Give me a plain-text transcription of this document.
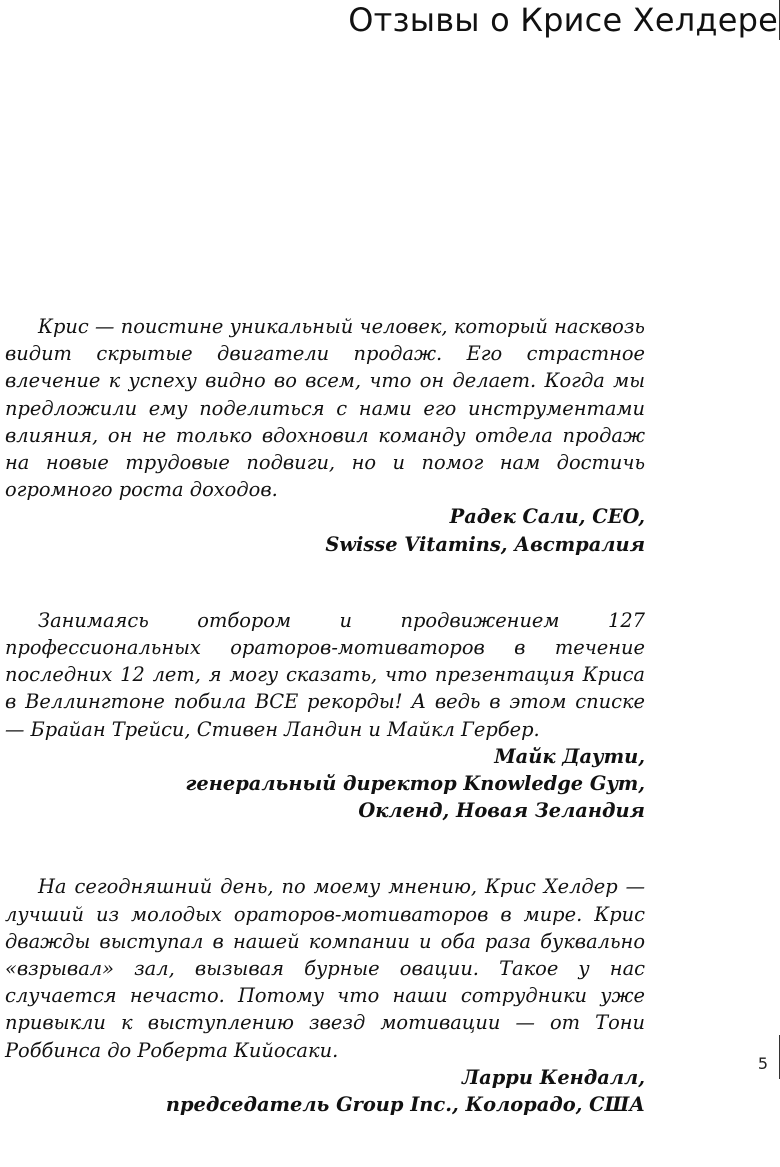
Отзывы о Крисе Хелдере

Крис — поистине уникальный человек, который насквозь видит скрытые двигатели продаж. Его страстное влечение к успеху видно во всем, что он делает. Когда мы предложили ему поделиться с нами его инструментами влияния, он не только вдохновил команду отдела продаж на новые трудовые подвиги, но и помог нам достичь огромного роста доходов.

Радек Сали, CEO,
Swisse Vitamins, Австралия

Занимаясь отбором и продвижением 127 профессиональных ораторов-мотиваторов в течение последних 12 лет, я могу сказать, что презентация Криса в Веллингтоне побила ВСЕ рекорды! А ведь в этом списке — Брайан Трейси, Стивен Ландин и Майкл Гербер.

Майк Даути,
генеральный директор Knowledge Gym,
Окленд, Новая Зеландия

На сегодняшний день, по моему мнению, Крис Хелдер — лучший из молодых ораторов-мотиваторов в мире. Крис дважды выступал в нашей компании и оба раза буквально «взрывал» зал, вызывая бурные овации. Такое у нас случается нечасто. Потому что наши сотрудники уже привыкли к выступлению звезд мотивации — от Тони Роббинса до Роберта Кийосаки.

Ларри Кендалл,
председатель Group Inc., Колорадо, США

5
